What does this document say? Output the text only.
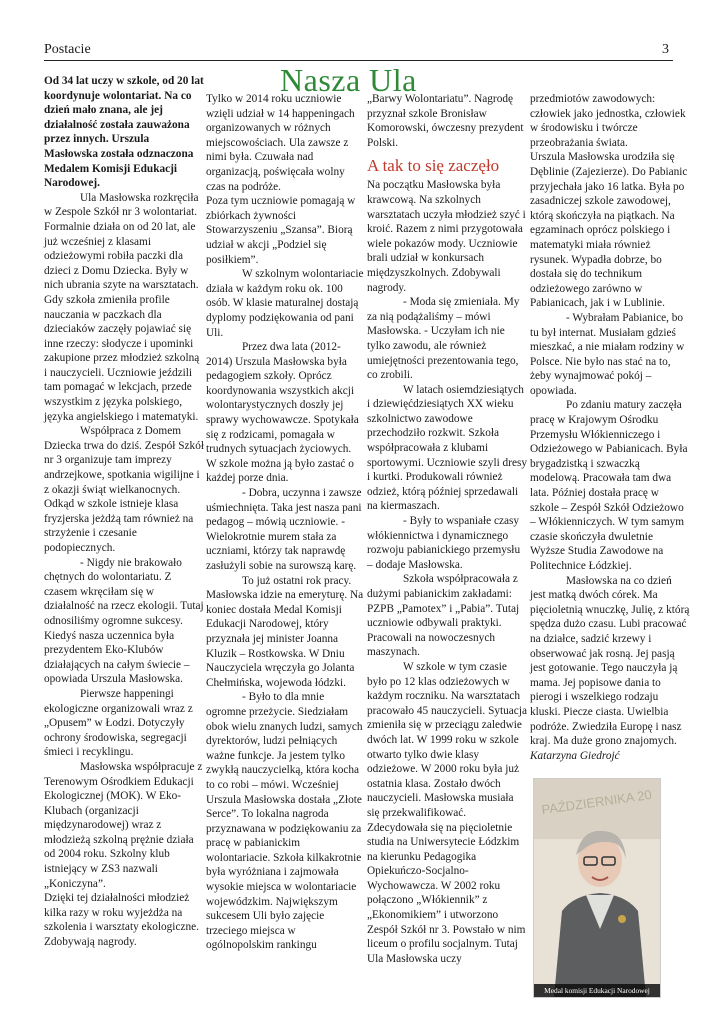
Postacie	3
Nasza Ula

Od 34 lat uczy w szkole, od 20 lat koordynuje wolontariat. Na co dzień mało znana, ale jej działalność została zauważona przez innych. Urszula Masłowska została odznaczona Medalem Komisji Edukacji Narodowej.

Ula Masłowska rozkręciła w Zespole Szkół nr 3 wolontariat. Formalnie działa on od 20 lat, ale już wcześniej z klasami odzieżowymi robiła paczki dla dzieci z Domu Dziecka. Były w nich ubrania szyte na warsztatach. Gdy szkoła zmieniła profile nauczania w paczkach dla dzieciaków zaczęły pojawiać się inne rzeczy: słodycze i upominki zakupione przez młodzież szkolną i nauczycieli. Uczniowie jeździli tam pomagać w lekcjach, przede wszystkim z języka polskiego, języka angielskiego i matematyki.

Współpraca z Domem Dziecka trwa do dziś. Zespół Szkół nr 3 organizuje tam imprezy andrzejkowe, spotkania wigilijne i z okazji świąt wielkanocnych. Odkąd w szkole istnieje klasa fryzjerska jeżdżą tam również na strzyżenie i czesanie podopiecznych.

- Nigdy nie brakowało chętnych do wolontariatu. Z czasem wkręciłam się w działalność na rzecz ekologii. Tutaj odnosiliśmy ogromne sukcesy. Kiedyś nasza uczennica była prezydentem Eko-Klubów działających na całym świecie – opowiada Urszula Masłowska.

Pierwsze happeningi ekologiczne organizowali wraz z „Opusem” w Łodzi. Dotyczyły ochrony środowiska, segregacji śmieci i recyklingu.

Masłowska współpracuje z Terenowym Ośrodkiem Edukacji Ekologicznej (MOK). W Eko- Klubach (organizacji międzynarodowej) wraz z młodzieżą szkolną prężnie działa od 2004 roku. Szkolny klub istniejący w ZS3 nazwali „Koniczyna”.

Dzięki tej działalności młodzież kilka razy w roku wyjeżdża na szkolenia i warsztaty ekologiczne. Zdobywają nagrody.

Tylko w 2014 roku uczniowie wzięli udział w 14 happeningach organizowanych w różnych miejscowościach. Ula zawsze z nimi była. Czuwała nad organizacją, poświęcała wolny czas na podróże.

Poza tym uczniowie pomagają w zbiórkach żywności Stowarzyszeniu „Szansa”. Biorą udział w akcji „Podziel się posiłkiem”.

W szkolnym wolontariacie działa w każdym roku ok. 100 osób. W klasie maturalnej dostają dyplomy podziękowania od pani Uli.

Przez dwa lata (2012-2014) Urszula Masłowska była pedagogiem szkoły. Oprócz koordynowania wszystkich akcji wolontarystycznych doszły jej sprawy wychowawcze. Spotykała się z rodzicami, pomagała w trudnych sytuacjach życiowych. W szkole można ją było zastać o każdej porze dnia.

- Dobra, uczynna i zawsze uśmiechnięta. Taka jest nasza pani pedagog – mówią uczniowie. - Wielokrotnie murem stała za uczniami, którzy tak naprawdę zasłużyli sobie na surowszą karę.

To już ostatni rok pracy. Masłowska idzie na emeryturę. Na koniec dostała Medal Komisji Edukacji Narodowej, który przyznała jej minister Joanna Kluzik – Rostkowska. W Dniu Nauczyciela wręczyła go Jolanta Chełmińska, wojewoda łódzki.

- Było to dla mnie ogromne przeżycie. Siedziałam obok wielu znanych ludzi, samych dyrektorów, ludzi pełniących ważne funkcje. Ja jestem tylko zwykłą nauczycielką, która kocha to co robi – mówi. Wcześniej Urszula Masłowska dostała „Złote Serce”. To lokalna nagroda przyznawana w podziękowaniu za pracę w pabianickim wolontariacie. Szkoła kilkakrotnie była wyróżniana i zajmowała wysokie miejsca w wolontariacie wojewódzkim. Największym sukcesem Uli było zajęcie trzeciego miejsca w ogólnopolskim rankingu

„Barwy Wolontariatu”. Nagrodę przyznał szkole Bronisław Komorowski, ówczesny prezydent Polski.

A tak to się zaczęło

Na początku Masłowska była krawcową. Na szkolnych warsztatach uczyła młodzież szyć i kroić. Razem z nimi przygotowała wiele pokazów mody. Uczniowie brali udział w konkursach międzyszkolnych. Zdobywali nagrody.

- Moda się zmieniała. My za nią podążaliśmy – mówi Masłowska. - Uczyłam ich nie tylko zawodu, ale również umiejętności prezentowania tego, co zrobili.

W latach osiemdziesiątych i dziewięćdziesiątych XX wieku szkolnictwo zawodowe przechodziło rozkwit. Szkoła współpracowała z klubami sportowymi. Uczniowie szyli dresy i kurtki. Produkowali również odzież, którą później sprzedawali na kiermaszach.

- Były to wspaniałe czasy włókiennictwa i dynamicznego rozwoju pabianickiego przemysłu – dodaje Masłowska.

Szkoła współpracowała z dużymi pabianickim zakładami: PZPB „Pamotex” i „Pabia”. Tutaj uczniowie odbywali praktyki. Pracowali na nowoczesnych maszynach.

W szkole w tym czasie było po 12 klas odzieżowych w każdym roczniku. Na warsztatach pracowało 45 nauczycieli. Sytuacja zmieniła się w przeciągu zaledwie dwóch lat. W 1999 roku w szkole otwarto tylko dwie klasy odzieżowe. W 2000 roku była już ostatnia klasa. Zostało dwóch nauczycieli. Masłowska musiała się przekwalifikować. Zdecydowała się na pięcioletnie studia na Uniwersytecie Łódzkim na kierunku Pedagogika Opiekuńczo-Socjalno-Wychowawcza. W 2002 roku połączono „Włókiennik” z „Ekonomikiem” i utworzono Zespół Szkół nr 3. Powstało w nim liceum o profilu socjalnym. Tutaj Ula Masłowska uczy

przedmiotów zawodowych: człowiek jako jednostka, człowiek w środowisku i twórcze przeobrażania świata.

Urszula Masłowska urodziła się Dęblinie (Zajezierze). Do Pabianic przyjechała jako 16 latka. Była po zasadniczej szkole zawodowej, którą skończyła na piątkach. Na egzaminach oprócz polskiego i matematyki miała również rysunek. Wypadła dobrze, bo dostała się do technikum odzieżowego zarówno w Pabianicach, jak i w Lublinie.

- Wybrałam Pabianice, bo tu był internat. Musiałam gdzieś mieszkać, a nie miałam rodziny w Polsce. Nie było nas stać na to, żeby wynajmować pokój – opowiada.

Po zdaniu matury zaczęła pracę w Krajowym Ośrodku Przemysłu Włókienniczego i Odzieżowego w Pabianicach. Była brygadzistką i szwaczką modelową. Pracowała tam dwa lata. Później dostała pracę w szkole – Zespół Szkół Odzieżowo – Włókienniczych. W tym samym czasie skończyła dwuletnie Wyższe Studia Zawodowe na Politechnice Łódzkiej.

Masłowska na co dzień jest matką dwóch córek. Ma pięcioletnią wnuczkę, Julię, z którą spędza dużo czasu. Lubi pracować na działce, sadzić krzewy i obserwować jak rosną. Jej pasją jest gotowanie. Tego nauczyła ją mama. Jej popisowe dania to pierogi i wszelkiego rodzaju kluski. Piecze ciasta. Uwielbia podróże. Zwiedziła Europę i nasz kraj. Ma duże grono znajomych.

Katarzyna Giedrojć

PAŹDZIERNIKA 20
Medal komisji Edukacji Narodowej
